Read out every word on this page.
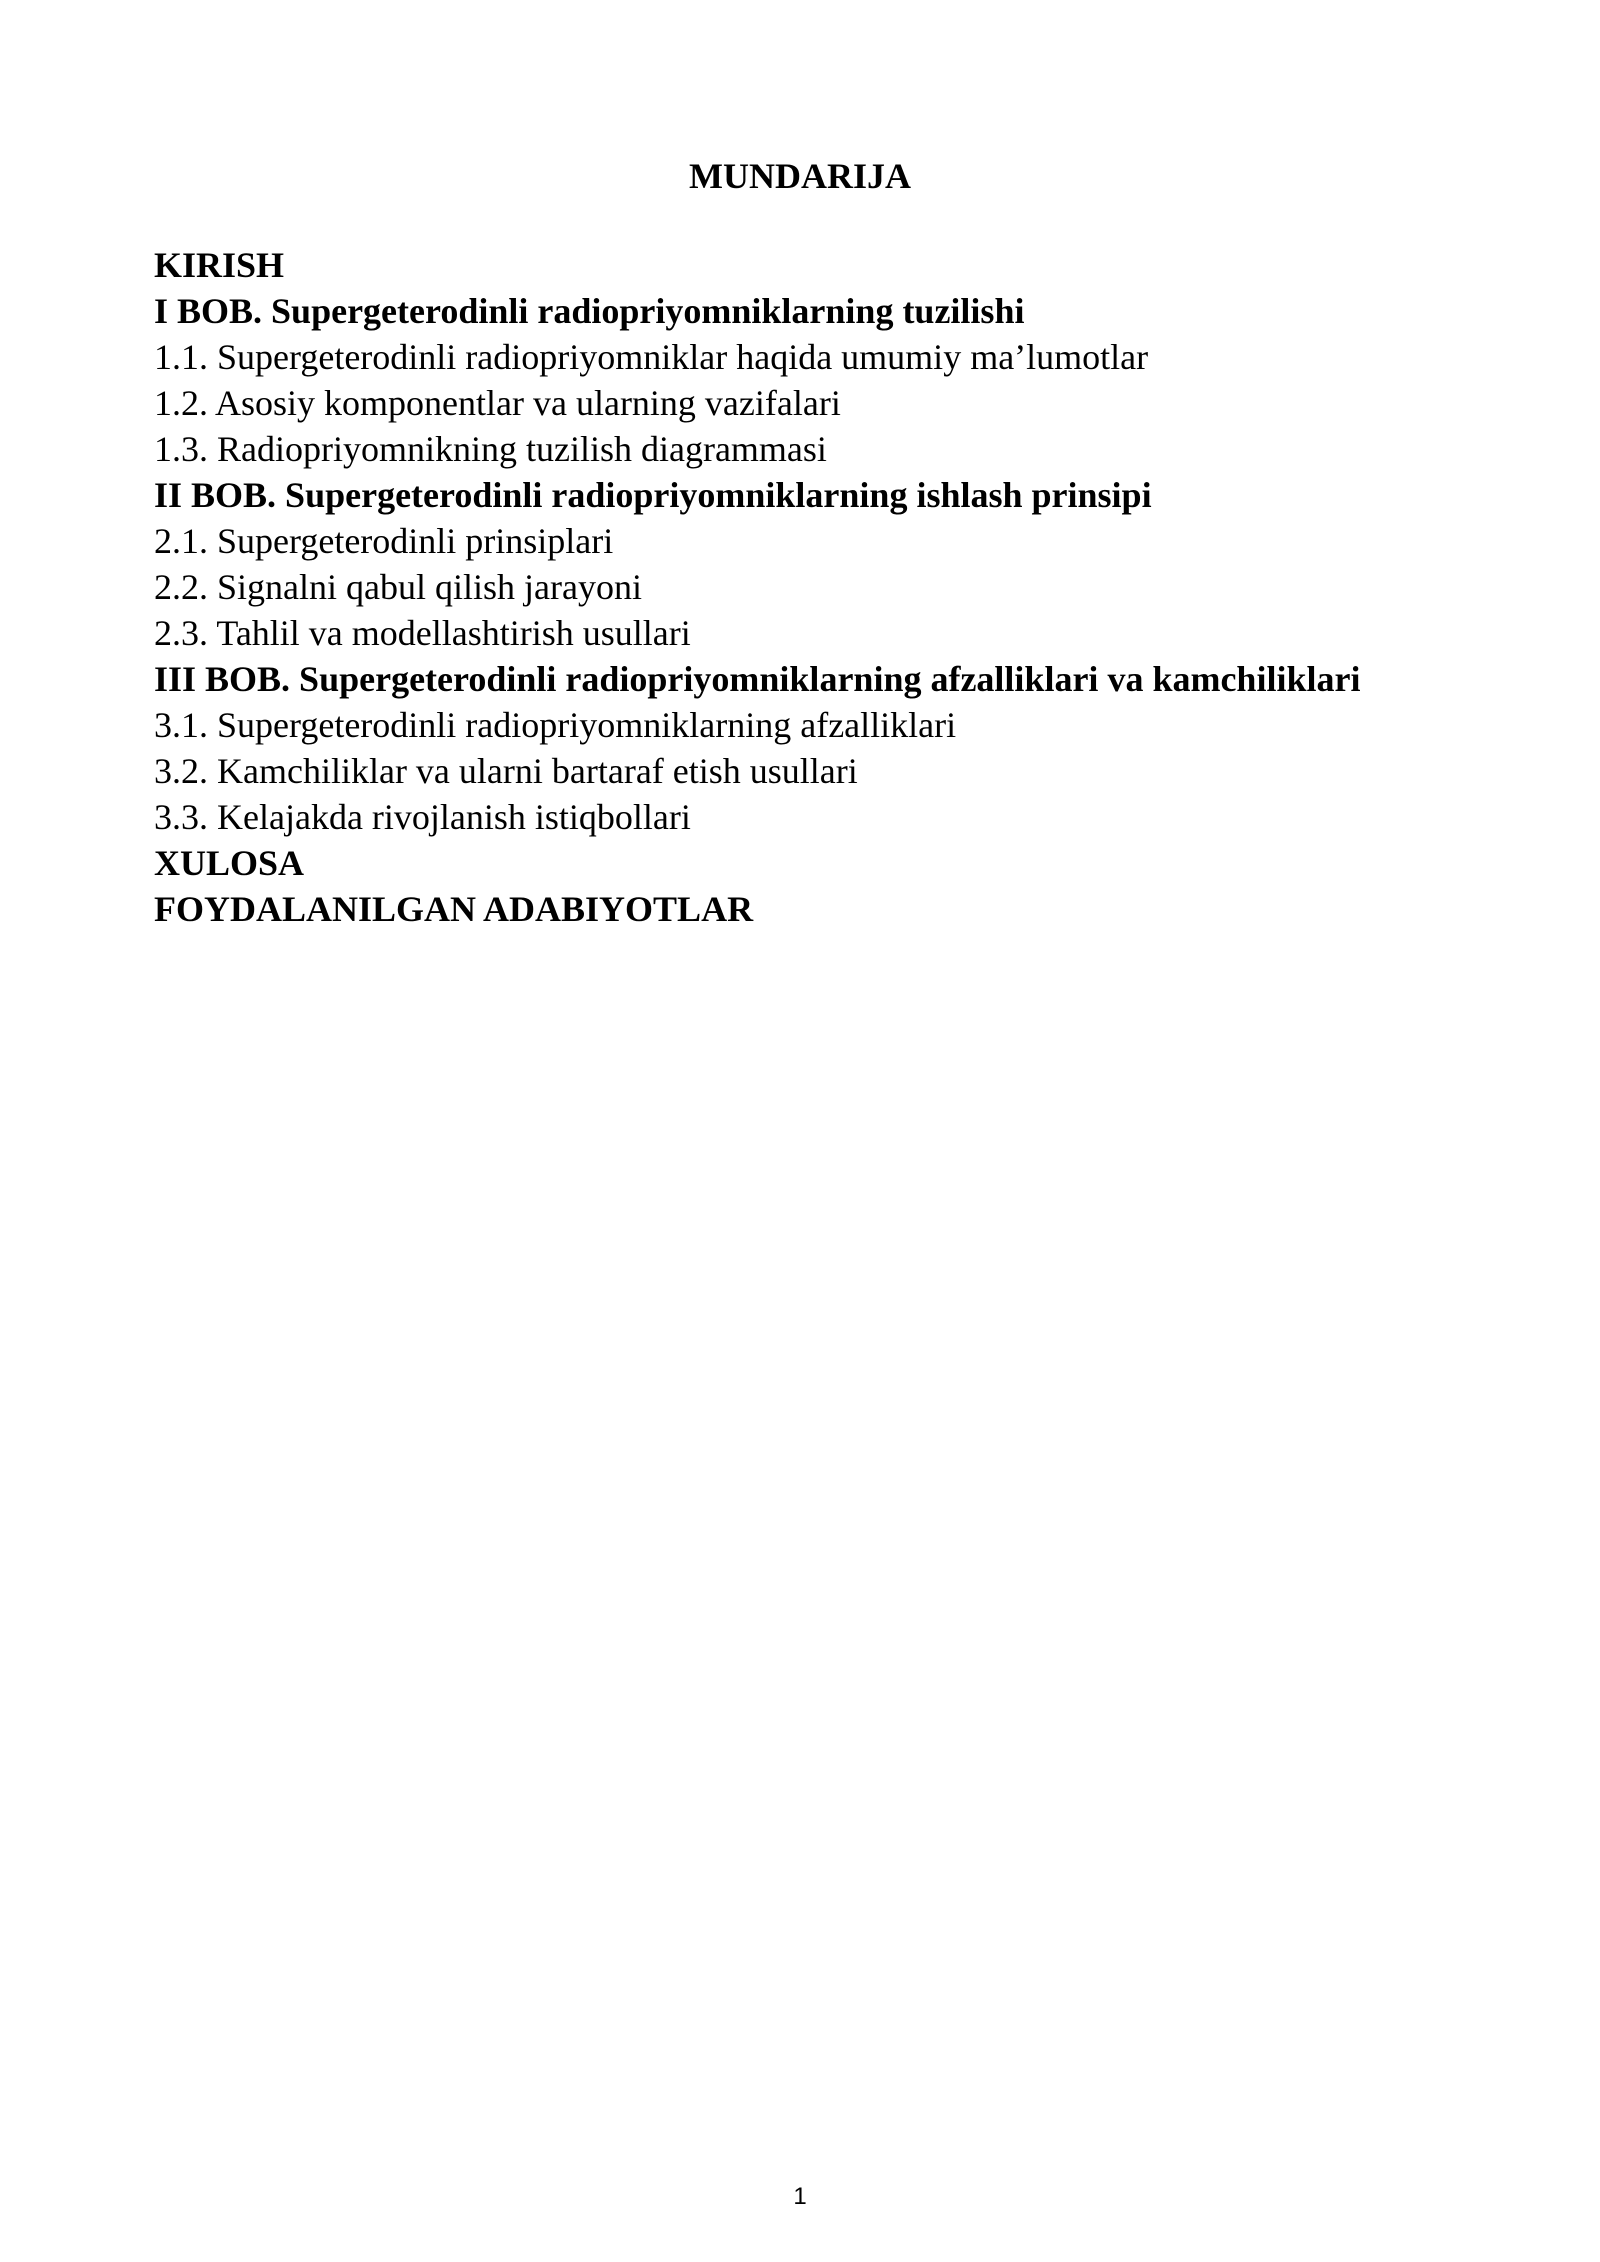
MUNDARIJA
KIRISH
I BOB. Supergeterodinli radiopriyomniklarning tuzilishi
1.1. Supergeterodinli radiopriyomniklar haqida umumiy ma’lumotlar
1.2. Asosiy komponentlar va ularning vazifalari
1.3. Radiopriyomnikning tuzilish diagrammasi
II BOB. Supergeterodinli radiopriyomniklarning ishlash prinsipi
2.1. Supergeterodinli prinsiplari
2.2. Signalni qabul qilish jarayoni
2.3. Tahlil va modellashtirish usullari
III BOB. Supergeterodinli radiopriyomniklarning afzalliklari va kamchiliklari
3.1. Supergeterodinli radiopriyomniklarning afzalliklari
3.2. Kamchiliklar va ularni bartaraf etish usullari
3.3. Kelajakda rivojlanish istiqbollari
XULOSA
FOYDALANILGAN ADABIYOTLAR
1
